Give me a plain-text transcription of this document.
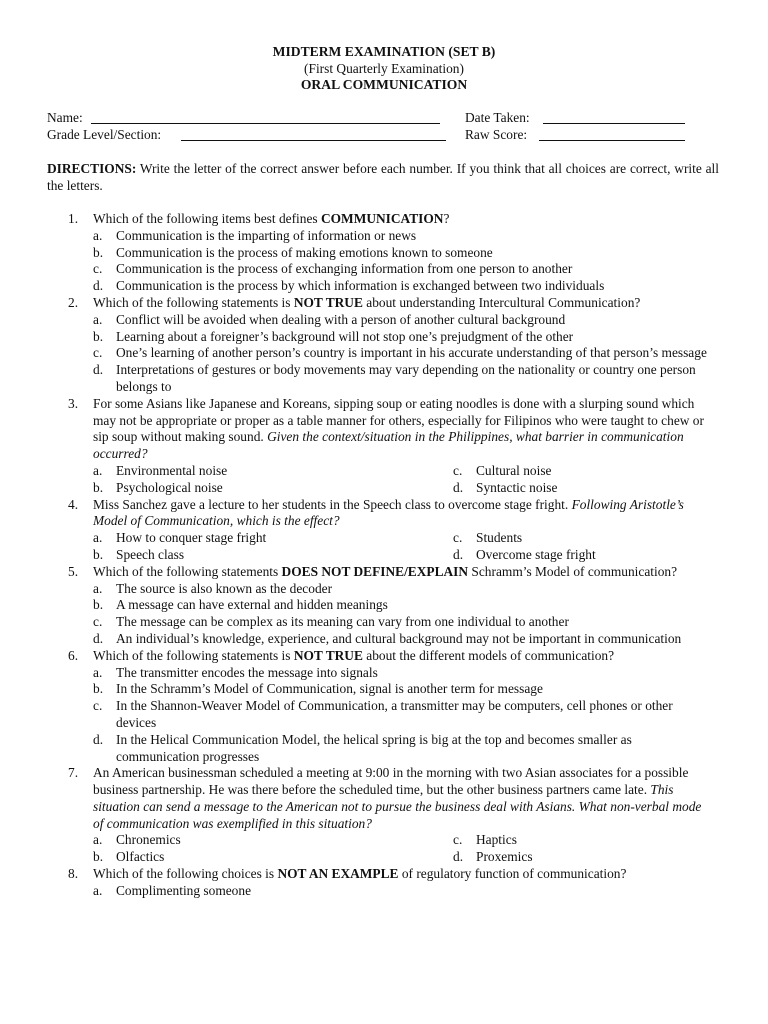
MIDTERM EXAMINATION (SET B)
(First Quarterly Examination)
ORAL COMMUNICATION
Name:	Date Taken:
Grade Level/Section:	Raw Score:
DIRECTIONS: Write the letter of the correct answer before each number. If you think that all choices are correct, write all the letters.
1.	Which of the following items best defines COMMUNICATION?
a. Communication is the imparting of information or news
b. Communication is the process of making emotions known to someone
c. Communication is the process of exchanging information from one person to another
d. Communication is the process by which information is exchanged between two individuals
2.	Which of the following statements is NOT TRUE about understanding Intercultural Communication?
a. Conflict will be avoided when dealing with a person of another cultural background
b. Learning about a foreigner’s background will not stop one’s prejudgment of the other
c. One’s learning of another person’s country is important in his accurate understanding of that person’s message
d. Interpretations of gestures or body movements may vary depending on the nationality or country one person belongs to
3.	For some Asians like Japanese and Koreans, sipping soup or eating noodles is done with a slurping sound which may not be appropriate or proper as a table manner for others, especially for Filipinos who were taught to chew or sip soup without making sound. Given the context/situation in the Philippines, what barrier in communication occurred?
a. Environmental noise	c. Cultural noise
b. Psychological noise	d. Syntactic noise
4.	Miss Sanchez gave a lecture to her students in the Speech class to overcome stage fright. Following Aristotle’s Model of Communication, which is the effect?
a. How to conquer stage fright	c. Students
b. Speech class	d. Overcome stage fright
5.	Which of the following statements DOES NOT DEFINE/EXPLAIN Schramm’s Model of communication?
a. The source is also known as the decoder
b. A message can have external and hidden meanings
c. The message can be complex as its meaning can vary from one individual to another
d. An individual’s knowledge, experience, and cultural background may not be important in communication
6.	Which of the following statements is NOT TRUE about the different models of communication?
a. The transmitter encodes the message into signals
b. In the Schramm’s Model of Communication, signal is another term for message
c. In the Shannon-Weaver Model of Communication, a transmitter may be computers, cell phones or other devices
d. In the Helical Communication Model, the helical spring is big at the top and becomes smaller as communication progresses
7.	An American businessman scheduled a meeting at 9:00 in the morning with two Asian associates for a possible business partnership. He was there before the scheduled time, but the other business partners came late. This situation can send a message to the American not to pursue the business deal with Asians. What non-verbal mode of communication was exemplified in this situation?
a. Chronemics	c. Haptics
b. Olfactics	d. Proxemics
8.	Which of the following choices is NOT AN EXAMPLE of regulatory function of communication?
a. Complimenting someone
